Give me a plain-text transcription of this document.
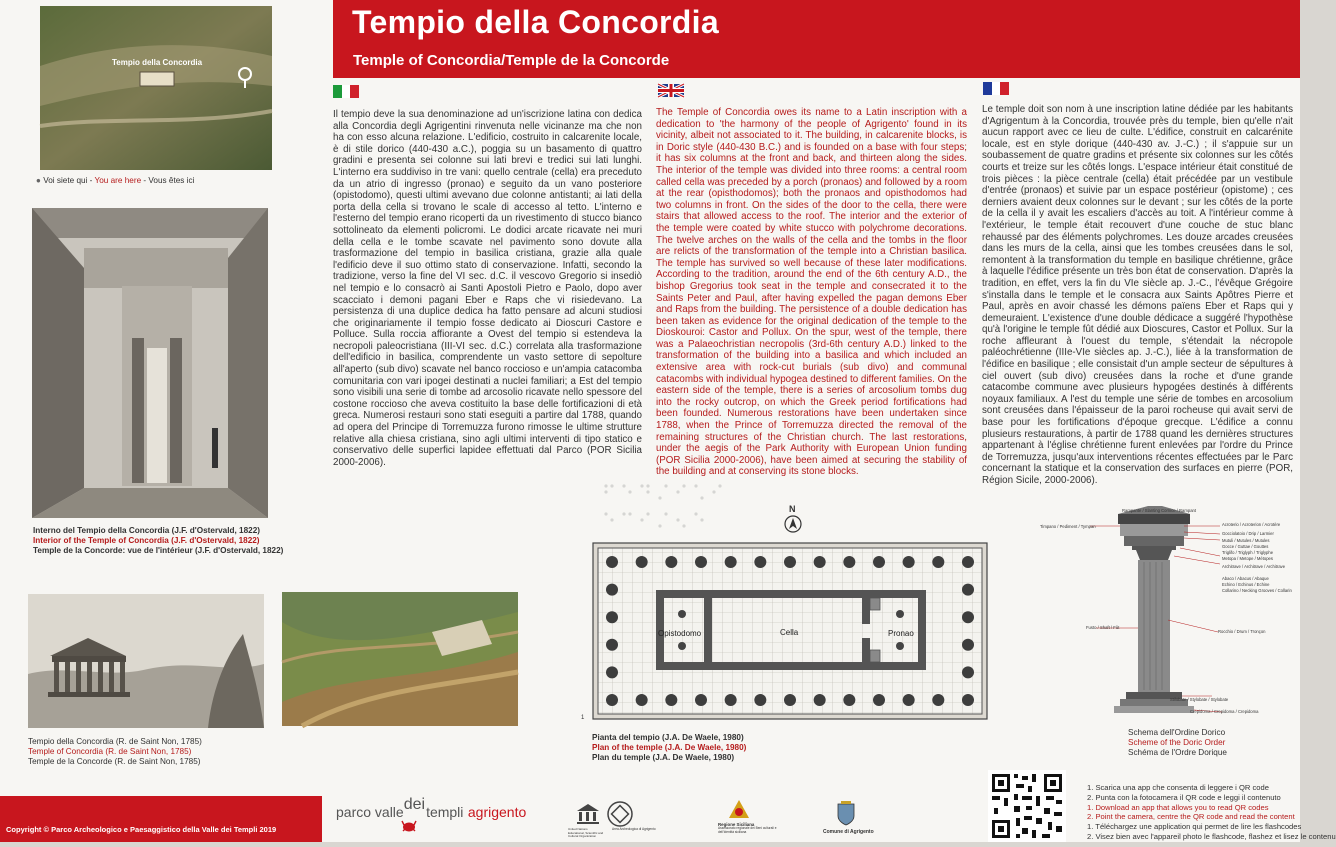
Tempio della Concordia
Temple of Concordia/Temple de la Concorde
Tempio della Concordia
● Voi siete qui - You are here - Vous êtes ici
Interno del Tempio della Concordia (J.F. d'Ostervald, 1822)
Interior of the Temple of Concordia (J.F. d'Ostervald, 1822)
Temple de la Concorde: vue de l'intérieur (J.F. d'Ostervald, 1822)
Tempio della Concordia (R. de Saint Non, 1785)
Temple of Concordia (R. de Saint Non, 1785)
Temple de la Concorde (R. de Saint Non, 1785)
Il tempio deve la sua denominazione ad un'iscrizione latina con dedica alla Concordia degli Agrigentini rinvenuta nelle vicinanze ma che non ha con esso alcuna relazione. L'edificio, costruito in calcarenite locale, è di stile dorico (440-430 a.C.), poggia su un basamento di quattro gradini e presenta sei colonne sui lati brevi e tredici sui lati lunghi. L'interno era suddiviso in tre vani: quello centrale (cella) era preceduto da un atrio di ingresso (pronao) e seguito da un vano posteriore (opistodomo), questi ultimi avevano due colonne antistanti; ai lati della porta della cella si trovano le scale di accesso al tetto. L'interno e l'esterno del tempio erano ricoperti da un rivestimento di stucco bianco sottolineato da elementi policromi. Le dodici arcate ricavate nei muri della cella e le tombe scavate nel pavimento sono dovute alla trasformazione del tempio in basilica cristiana, grazie alla quale l'edificio deve il suo ottimo stato di conservazione. Infatti, secondo la tradizione, verso la fine del VI sec. d.C. il vescovo Gregorio si insediò nel tempio e lo consacrò ai Santi Apostoli Pietro e Paolo, dopo aver scacciato i demoni pagani Eber e Raps che vi risiedevano. La persistenza di una duplice dedica ha fatto pensare ad alcuni studiosi che originariamente il tempio fosse dedicato ai Dioscuri Castore e Polluce. Sulla roccia affiorante a Ovest del tempio si estendeva la necropoli paleocristiana (III-VI sec. d.C.) correlata alla trasformazione dell'edificio in basilica, comprendente un vasto settore di sepolture all'aperto (sub divo) scavate nel banco roccioso e un'ampia catacomba comunitaria con vari ipogei destinati a nuclei familiari; a Est del tempio sono visibili una serie di tombe ad arcosolio ricavate nello spessore del costone roccioso che aveva costituito la base delle fortificazioni di età greca. Numerosi restauri sono stati eseguiti a partire dal 1788, quando ad opera del Principe di Torremuzza furono rimosse le ultime strutture relative alla chiesa cristiana, sino agli ultimi interventi di tipo statico e conservativo delle superfici lapidee effettuati dal Parco (POR Sicilia 2000-2006).
The Temple of Concordia owes its name to a Latin inscription with a dedication to 'the harmony of the people of Agrigento' found in its vicinity, albeit not associated to it. The building, in calcarenite blocks, is in Doric style (440-430 B.C.) and is founded on a base with four steps; it has six columns at the front and back, and thirteen along the sides. The interior of the temple was divided into three rooms: a central room called cella was preceded by a porch (pronaos) and followed by a room at the rear (opisthodomos); both the pronaos and opisthodomos had two columns in front. On the sides of the door to the cella, there were stairs that allowed access to the roof. The interior and the exterior of the temple were coated by white stucco with polychrome decorations. The twelve arches on the walls of the cella and the tombs in the floor are relicts of the transformation of the temple into a Christian basilica. The temple has survived so well because of these later modifications. According to the tradition, around the end of the 6th century A.D., the bishop Gregorius took seat in the temple and consecrated it to the Saints Peter and Paul, after having expelled the pagan demons Eber and Raps from the building. The persistence of a double dedication has been taken as evidence for the original dedication of the temple to the Dioskouroi: Castor and Pollux. On the spur, west of the temple, there was a Palaeochristian necropolis (3rd-6th century A.D.) linked to the transformation of the building into a basilica and which included an extensive area with rock-cut burials (sub divo) and communal catacombs with individual hypogea destined to different families. On the eastern side of the temple, there is a series of arcosolium tombs dug into the rocky outcrop, on which the Greek period fortifications had been founded. Numerous restorations have been undertaken since 1788, when the Prince of Torremuzza directed the removal of the remaining structures of the Christian church. The last restorations, under the aegis of the Park Authority with European Union funding (POR Sicilia 2000-2006), have been aimed at securing the stability of the building and at conserving its stone blocks.
Le temple doit son nom à une inscription latine dédiée par les habitants d'Agrigentum à la Concordia, trouvée près du temple, bien qu'elle n'ait aucun rapport avec ce lieu de culte. L'édifice, construit en calcarénite locale, est en style dorique (440-430 av. J.-C.) ; il s'appuie sur un soubassement de quatre gradins et présente six colonnes sur les côtés courts et treize sur les côtés longs. L'espace intérieur était constitué de trois pièces : la pièce centrale (cella) était précédée par un vestibule d'entrée (pronaos) et suivie par un espace postérieur (opistome) ; ces derniers avaient deux colonnes sur le devant ; sur les côtés de la porte de la cella il y avait les escaliers d'accès au toit. A l'intérieur comme à l'extérieur, le temple était recouvert d'une couche de stuc blanc rehaussé par des éléments polychromes. Les douze arcades creusées dans les murs de la cella, ainsi que les tombes creusées dans le sol, remontent à la transformation du temple en basilique chrétienne, grâce à laquelle l'édifice présente un très bon état de conservation. D'après la tradition, en effet, vers la fin du VIe siècle ap. J.-C., l'évêque Grégoire s'installa dans le temple et le consacra aux Saints Apôtres Pierre et Paul, après en avoir chassé les démons païens Eber et Raps qui y demeuraient. L'existence d'une double dédicace a suggéré l'hypothèse qu'à l'origine le temple fût dédié aux Dioscures, Castor et Pollux. Sur la roche affleurant à l'ouest du temple, s'étendait la nécropole paléochrétienne (IIIe-VIe siècles ap. J.-C.), liée à la transformation de l'édifice en basilique ; elle consistait d'un ample secteur de sépultures à ciel ouvert (sub divo) creusées dans la roche et d'une grande catacombe commune avec plusieurs hypogées destinés à différents noyaux familiaux. A l'est du temple une série de tombes en arcosolium sont creusées dans l'épaisseur de la paroi rocheuse qui avait servi de base pour les fortifications d'époque grecque. L'édifice a connu plusieurs restaurations, à partir de 1788 quand les dernières structures appartenant à l'église chrétienne furent enlevées par l'ordre du Prince de Torremuzza, jusqu'aux interventions récentes effectuées par le Parc concernant la statique et la conservation des surfaces en pierre (POR, Région Sicile, 2000-2006).
N
Opistodomo	Cella	Pronao
1
Pianta del tempio (J.A. De Waele, 1980)
Plan of the temple (J.A. De Waele, 1980)
Plan du temple (J.A. De Waele, 1980)
Rampante / Slanting Cornice / Rampant
Timpano / Pediment / Tympan
Fusto / Shaft / Fût
Acroterio / Acroterion / Acrotère
Gocciolatoio / Drip / Larmier
Mutuli / Mutules / Mutules
Gocce / Guttae / Gouttes
Triglifo / Triglyph / Triglyphe
Metopa / Metope / Métopes
Architrave / Architrave / Architrave
Abaco / Abacus / Abaque
Echino / Echinus / Echine
Collarino / Necking Grooves / Collarin
Rocchio / Drum / Tronçon
Stilobate / Stylobate / Stylobate
Crepidoma / Crepidoma / Crepidoma
Schema dell'Ordine Dorico
Scheme of the Doric Order
Schéma de l'Ordre Dorique
1. Scarica una app che consenta di leggere i QR code
2. Punta con la fotocamera il QR code e leggi il contenuto
1. Download an app that allows you to read QR codes
2. Point the camera, centre the QR code and read the content
1. Téléchargez une application qui permet de lire les flashcodes
2. Visez bien avec l'appareil photo le flashcode, flashez et lisez le contenu
Copyright © Parco Archeologico e Paesaggistico della Valle dei Templi 2019
parco valledeitempli agrigento
United Nations Educational, Scientific and Cultural Organization
Area Archeologica di Agrigento
Regione Siciliana
Assessorato regionale dei Beni culturali e dell'Identità siciliana	Comune di Agrigento
